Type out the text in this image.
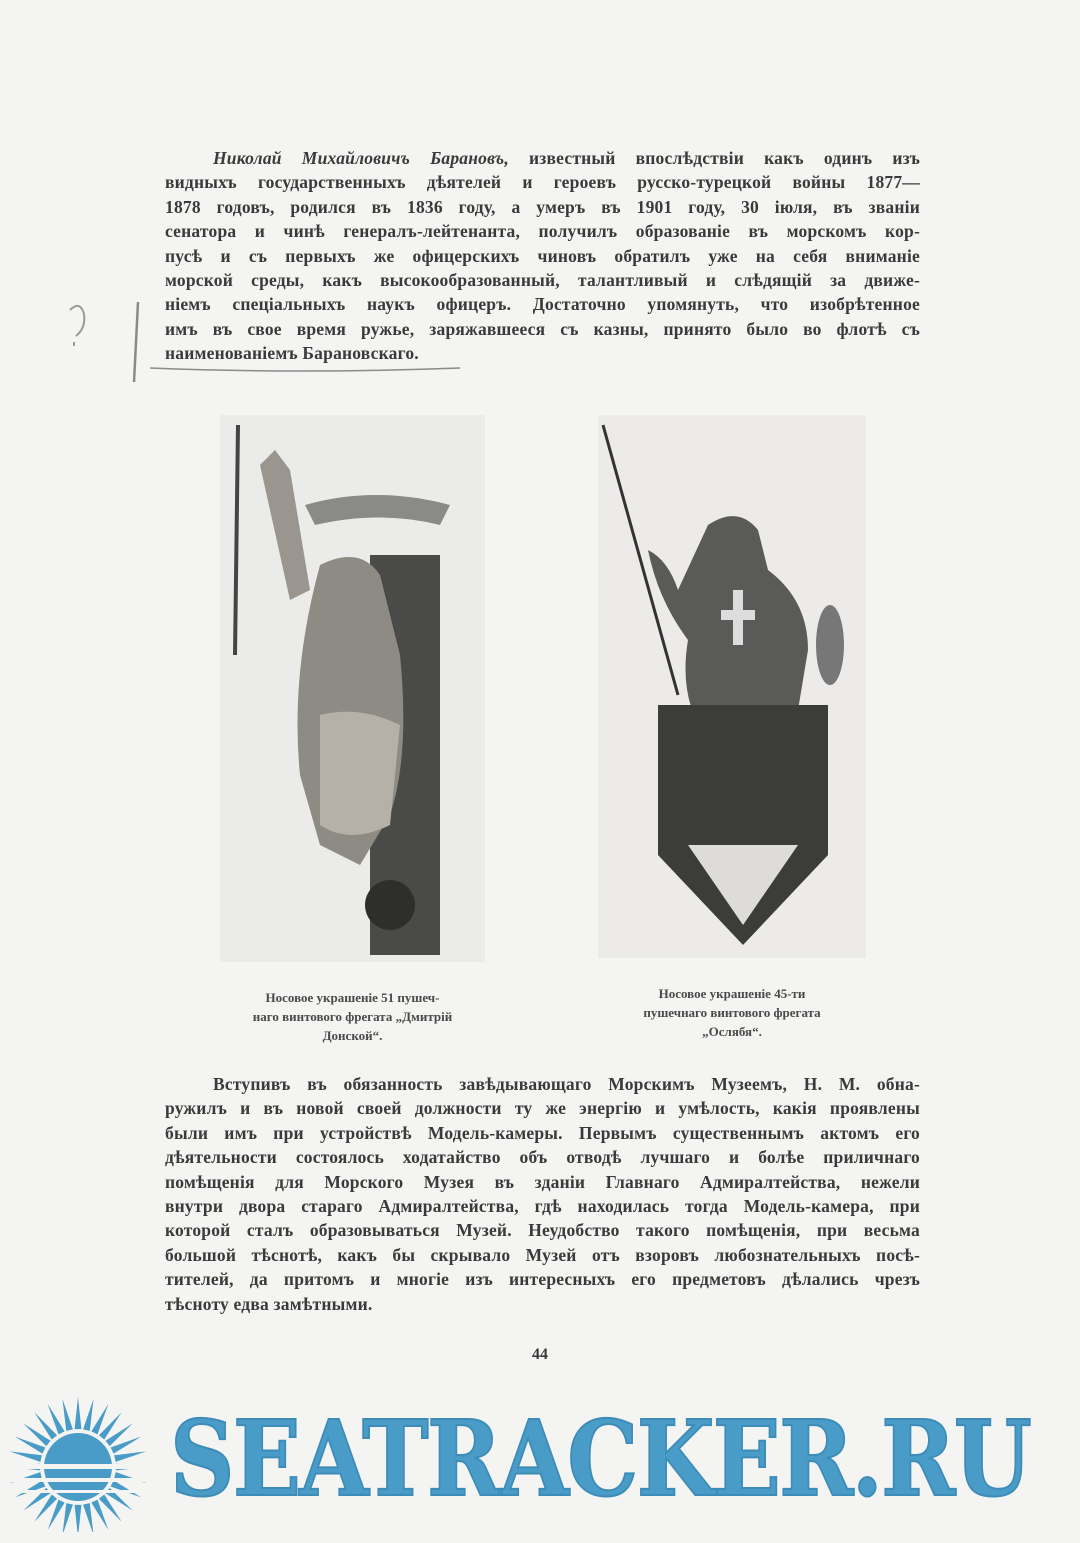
Николай Михайловичъ Барановъ, известный впослѣдствіи какъ одинъ изъ
видныхъ государственныхъ дѣятелей и героевъ русско-турецкой войны 1877—
1878 годовъ, родился въ 1836 году, а умеръ въ 1901 году, 30 іюля, въ званіи
сенатора и чинѣ генералъ-лейтенанта, получилъ образованіе въ морскомъ кор-
пусѣ и съ первыхъ же офицерскихъ чиновъ обратилъ уже на себя вниманіе
морской среды, какъ высокообразованный, талантливый и слѣдящій за движе-
ніемъ спеціальныхъ наукъ офицеръ. Достаточно упомянуть, что изобрѣтенное
имъ въ свое время ружье, заряжавшееся съ казны, принято было во флотѣ съ
наименованіемъ Барановскаго.
Носовое украшеніе 51 пушеч-
наго винтового фрегата „Дмитрій
Донской“.
Носовое украшеніе 45-ти
пушечнаго винтового фрегата
„Ослябя“.
Вступивъ въ обязанность завѣдывающаго Морскимъ Музеемъ, Н. М. обна-
ружилъ и въ новой своей должности ту же энергію и умѣлость, какія проявлены
были имъ при устройствѣ Модель-камеры. Первымъ существеннымъ актомъ его
дѣятельности состоялось ходатайство объ отводѣ лучшаго и болѣе приличнаго
помѣщенія для Морского Музея въ зданіи Главнаго Адмиралтейства, нежели
внутри двора стараго Адмиралтейства, гдѣ находилась тогда Модель-камера, при
которой сталъ образовываться Музей. Неудобство такого помѣщенія, при весьма
большой тѣснотѣ, какъ бы скрывало Музей отъ взоровъ любознательныхъ посѣ-
тителей, да притомъ и многіе изъ интересныхъ его предметовъ дѣлались чрезъ
тѣсноту едва замѣтными.
44
SEATRACKER.RU
